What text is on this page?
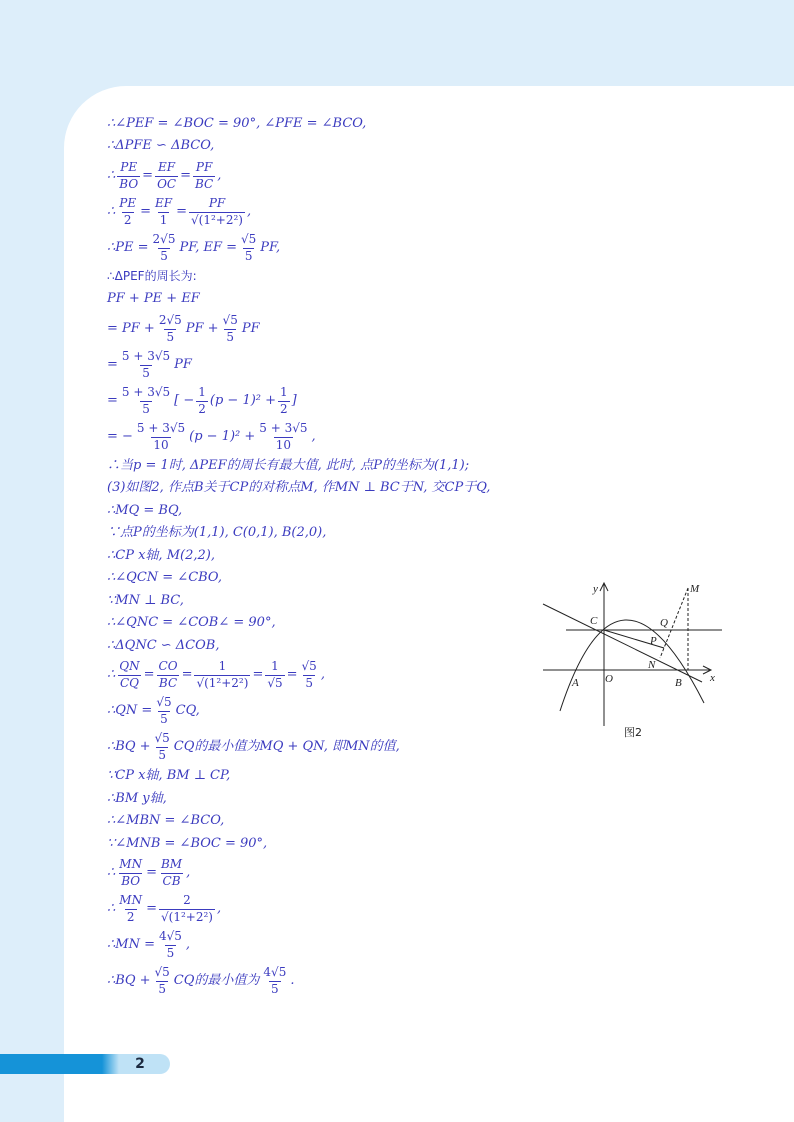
∴∠PEF = ∠BOC = 90°, ∠PFE = ∠BCO,
∴ΔPFE ∽ ΔBCO,
∴ $\frac{PE}{BO} = \frac{EF}{OC} = \frac{PF}{BC}$ ,
∴ $\frac{PE}{2} = \frac{EF}{1} = \frac{PF}{\text{√(1²+2²)}}$ ,
∴PE = $\frac{2√5}{5}$ PF, EF = $\frac{√5}{5}$ PF,
∴ΔPEF的周长为:
PF + PE + EF
= PF + $\frac{2√5}{5}$ PF + $\frac{√5}{5}$ PF
= $\frac{5 + 3√5}{5}$ PF
= $\frac{5 + 3√5}{5}$ [ − $\frac{1}{2} (p - 1)^2 + \frac{1}{2}$ ]
= − $\frac{5 + 3√5}{10} (p - 1)^2 + \frac{5 + 3√5}{10}$ ,
∴当p = 1时, ΔPEF的周长有最大值, 此时, 点P的坐标为(1,1);
(3)如图2, 作点B关于CP的对称点M, 作MN ⊥ BC于N, 交CP于Q,
∴MQ = BQ,
∵点P的坐标为(1,1), C(0,1), B(2,0),
∴CP x轴, M(2,2),
∴∠QCN = ∠CBO,
∵MN ⊥ BC,
∴∠QNC = ∠COB∠ = 90°,
∴ΔQNC ∽ ΔCOB,
∴ $\frac{QN}{CQ} = \frac{CO}{BC} = \frac{1}{\text{√(1²+2²)}} = \frac{1}{√5} = \frac{√5}{5}$ ,
∴QN = $\frac{√5}{5}$ CQ,
∴BQ + $\frac{√5}{5}$ CQ的最小值为MQ + QN, 即MN的值,
∵CP x轴, BM ⊥ CP,
∴BM y轴,
∴∠MBN = ∠BCO,
∵∠MNB = ∠BOC = 90°,
∴ $\frac{MN}{BO} = \frac{BM}{CB}$ ,
∴ $\frac{MN}{2} = \frac{2}{\text{√(1²+2²)}}$ ,
∴MN = $\frac{4√5}{5}$ ,
∴BQ + $\frac{√5}{5}$ CQ的最小值为 $\frac{4√5}{5}$ .
y	M
C	Q
P
N
A O	B	x
图2
2
